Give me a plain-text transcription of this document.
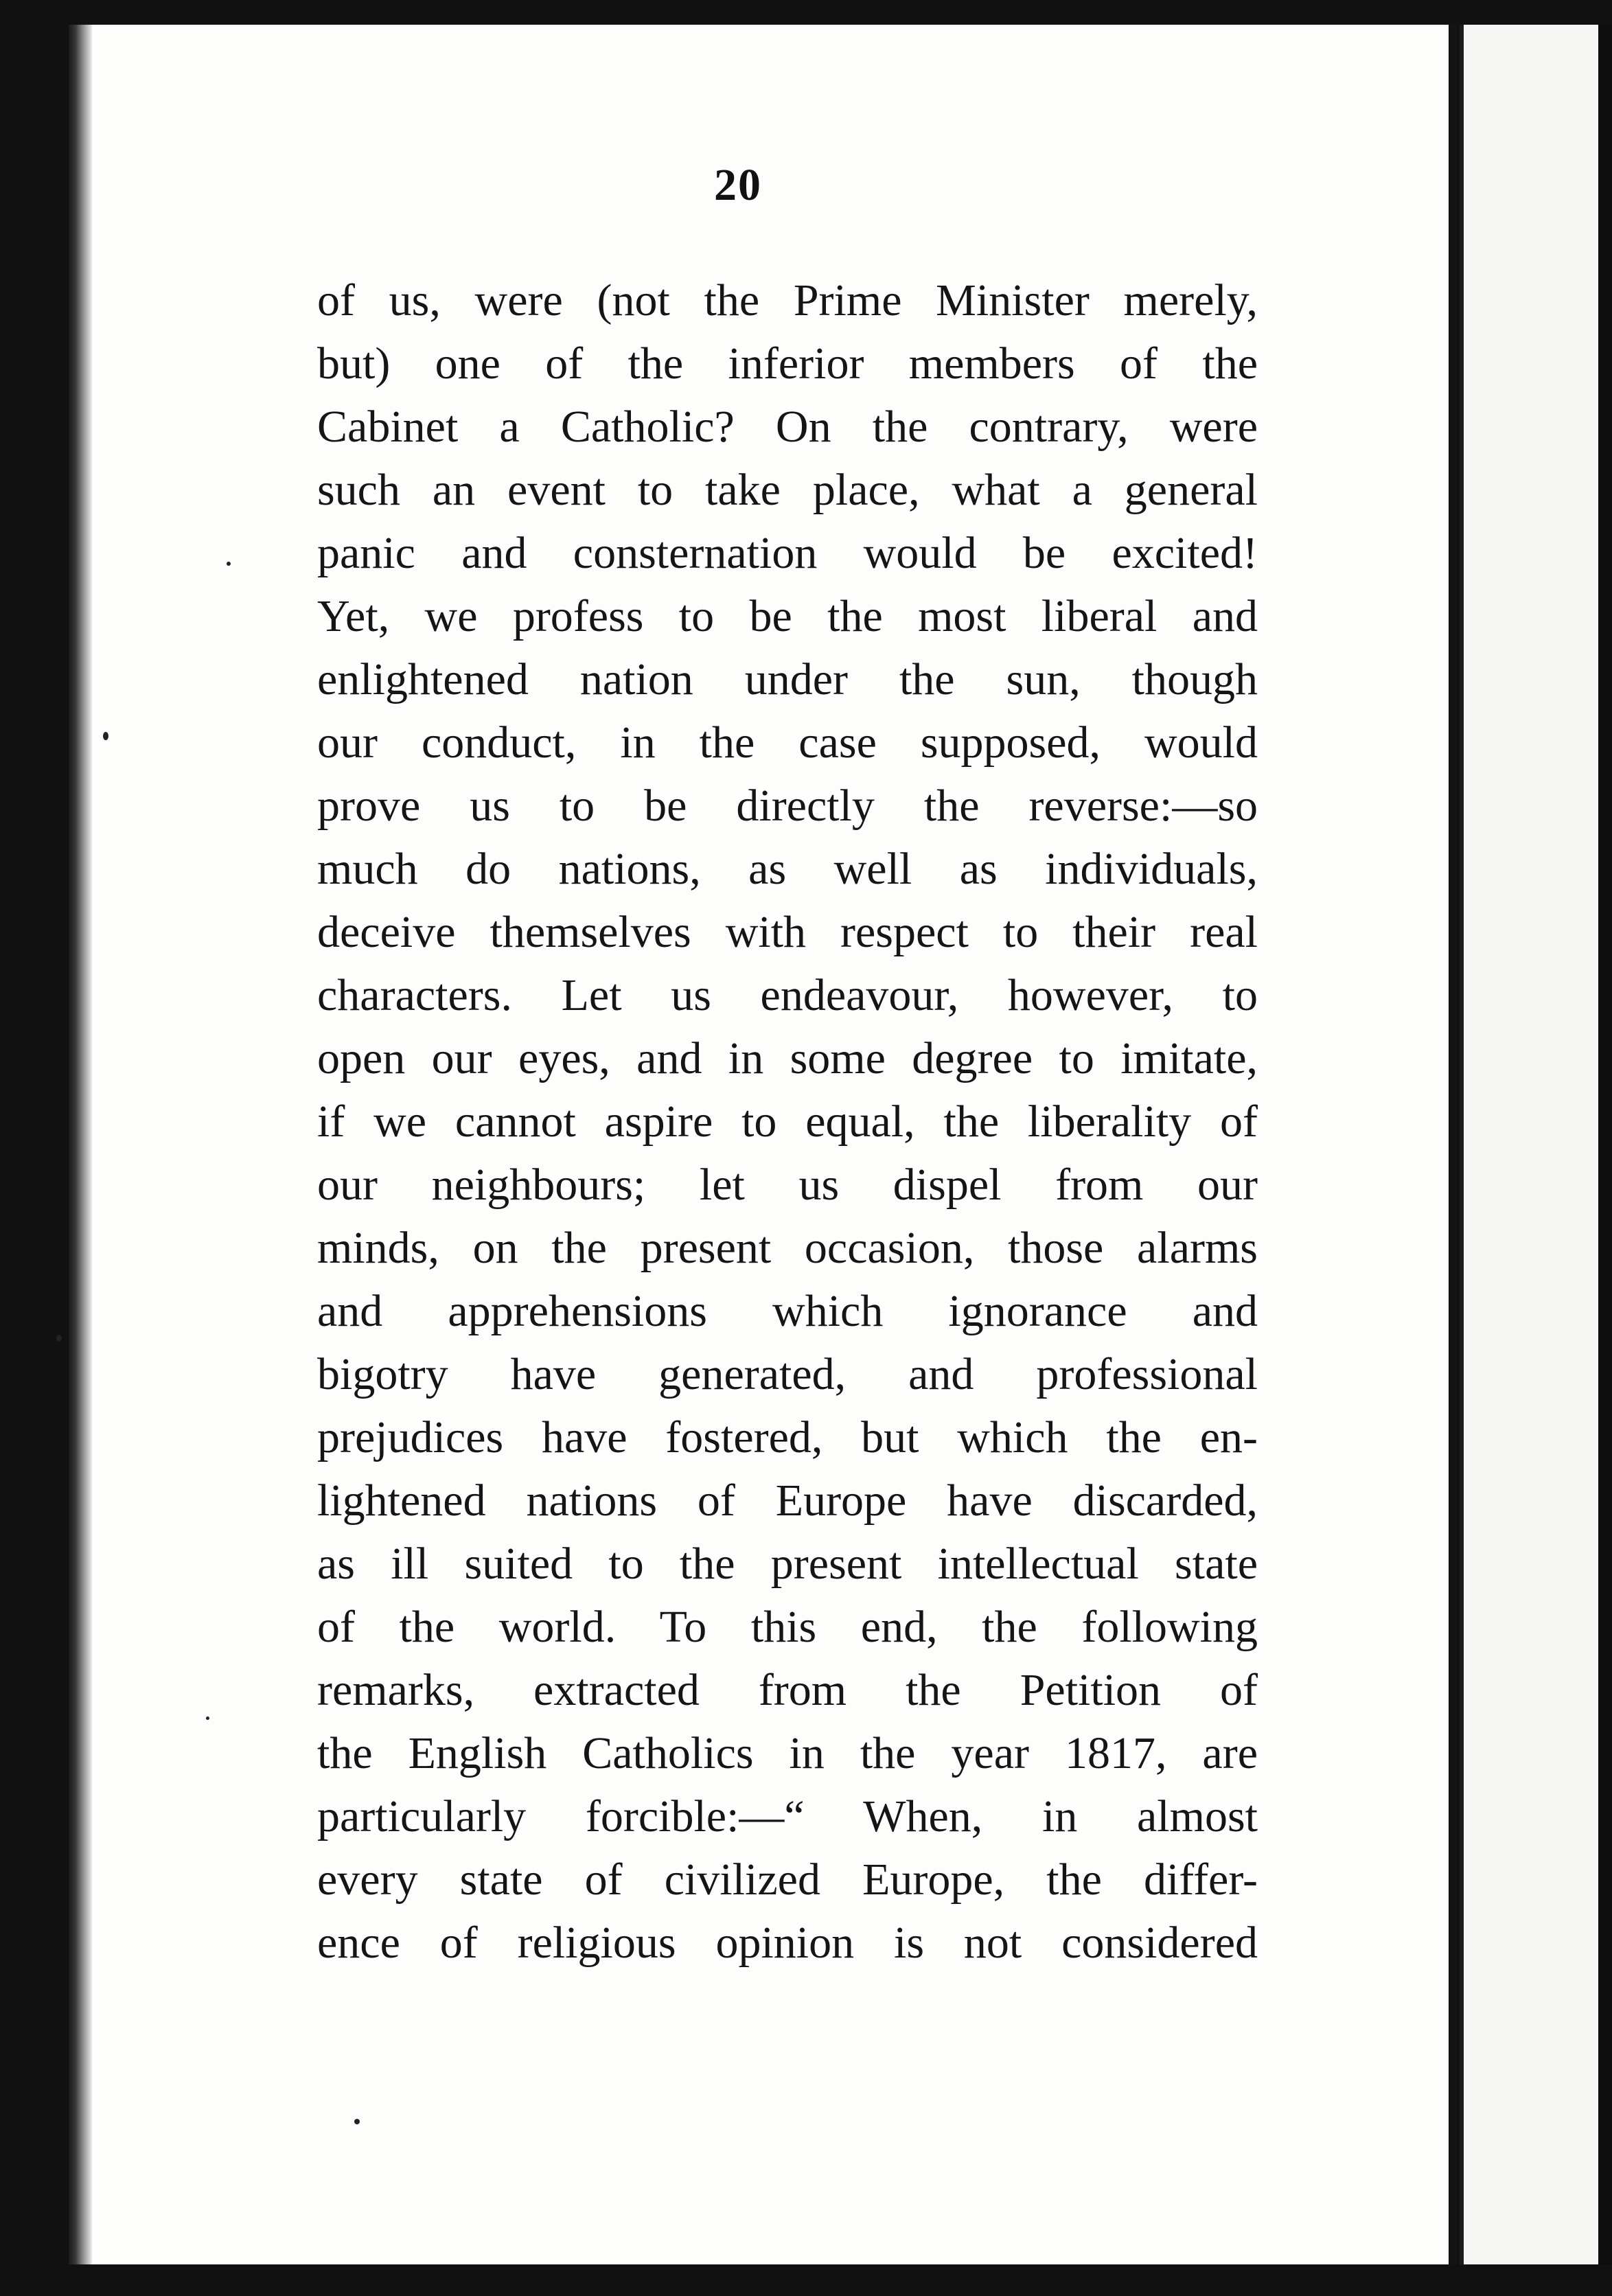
20
of us, were (not the Prime Minister merely,
but) one of the inferior members of the
Cabinet a Catholic? On the contrary, were
such an event to take place, what a general
panic and consternation would be excited!
Yet, we profess to be the most liberal and
enlightened nation under the sun, though
our conduct, in the case supposed, would
prove us to be directly the reverse:—so
much do nations, as well as individuals,
deceive themselves with respect to their real
characters. Let us endeavour, however, to
open our eyes, and in some degree to imitate,
if we cannot aspire to equal, the liberality of
our neighbours; let us dispel from our
minds, on the present occasion, those alarms
and apprehensions which ignorance and
bigotry have generated, and professional
prejudices have fostered, but which the en-
lightened nations of Europe have discarded,
as ill suited to the present intellectual state
of the world. To this end, the following
remarks, extracted from the Petition of
the English Catholics in the year 1817, are
particularly forcible:—“ When, in almost
every state of civilized Europe, the differ-
ence of religious opinion is not considered
